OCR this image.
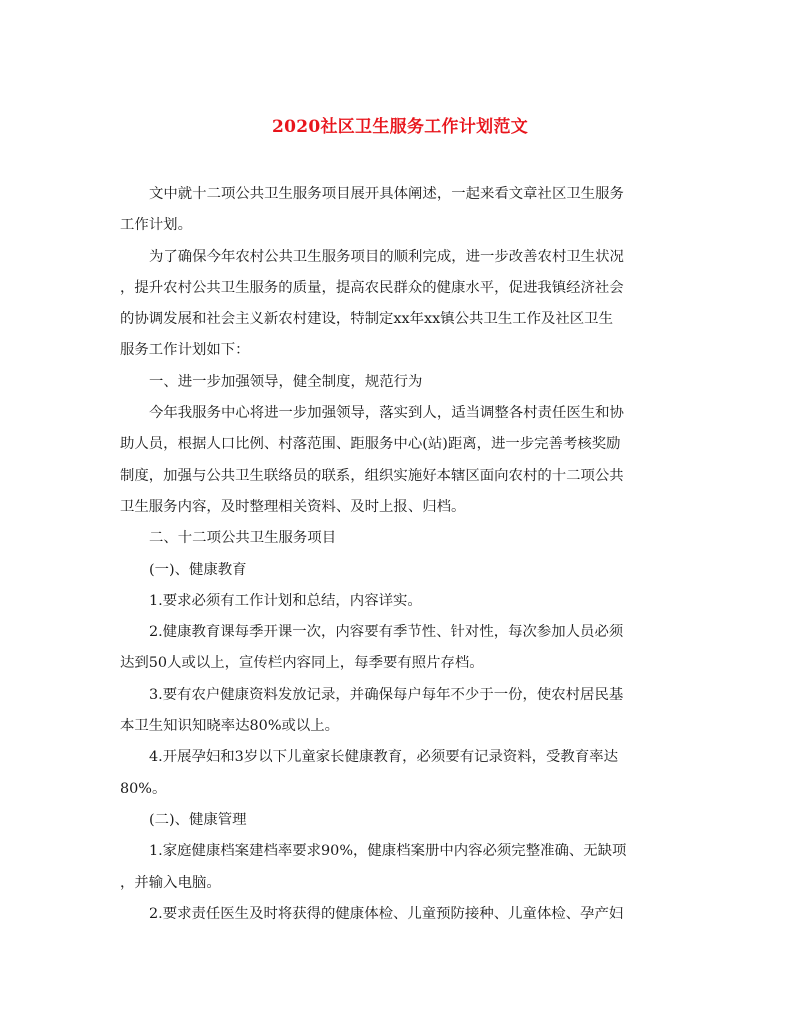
2020社区卫生服务工作计划范文

文中就十二项公共卫生服务项目展开具体阐述，一起来看文章社区卫生服务
工作计划。

为了确保今年农村公共卫生服务项目的顺利完成，进一步改善农村卫生状况
，提升农村公共卫生服务的质量，提高农民群众的健康水平，促进我镇经济社会
的协调发展和社会主义新农村建设，特制定xx年xx镇公共卫生工作及社区卫生
服务工作计划如下：

一、进一步加强领导，健全制度，规范行为

今年我服务中心将进一步加强领导，落实到人，适当调整各村责任医生和协
助人员，根据人口比例、村落范围、距服务中心(站)距离，进一步完善考核奖励
制度，加强与公共卫生联络员的联系，组织实施好本辖区面向农村的十二项公共
卫生服务内容，及时整理相关资料、及时上报、归档。

二、十二项公共卫生服务项目

(一)、健康教育

1.要求必须有工作计划和总结，内容详实。

2.健康教育课每季开课一次，内容要有季节性、针对性，每次参加人员必须
达到50人或以上，宣传栏内容同上，每季要有照片存档。

3.要有农户健康资料发放记录，并确保每户每年不少于一份，使农村居民基
本卫生知识知晓率达80%或以上。

4.开展孕妇和3岁以下儿童家长健康教育，必须要有记录资料，受教育率达
80%。

(二)、健康管理

1.家庭健康档案建档率要求90%，健康档案册中内容必须完整准确、无缺项
，并输入电脑。

2.要求责任医生及时将获得的健康体检、儿童预防接种、儿童体检、孕产妇
